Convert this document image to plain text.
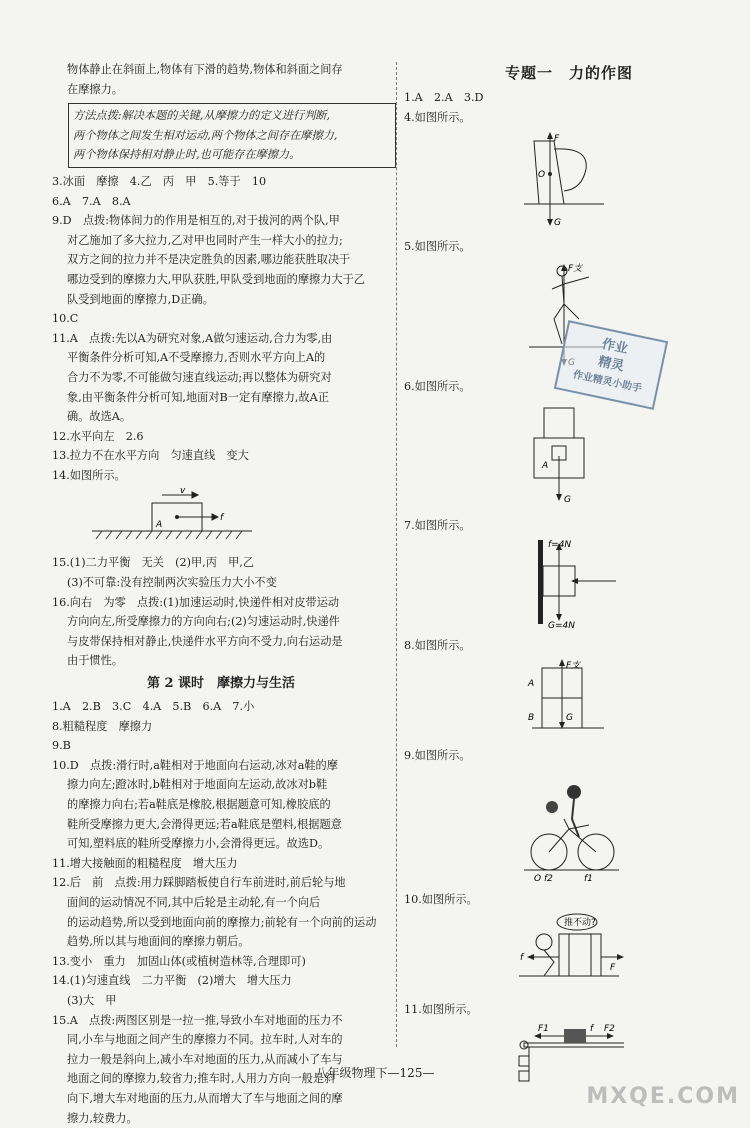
物体静止在斜面上,物体有下滑的趋势,物体和斜面之间存
在摩擦力。
方法点拨:解决本题的关键,从摩擦力的定义进行判断,
两个物体之间发生相对运动,两个物体之间存在摩擦力,
两个物体保持相对静止时,也可能存在摩擦力。
3.冰面　摩擦　4.乙　丙　甲　5.等于　10
6.A　7.A　8.A
9.D　点拨:物体间力的作用是相互的,对于拔河的两个队,甲
对乙施加了多大拉力,乙对甲也同时产生一样大小的拉力;
双方之间的拉力并不是决定胜负的因素,哪边能获胜取决于
哪边受到的摩擦力大,甲队获胜,甲队受到地面的摩擦力大于乙
队受到地面的摩擦力,D正确。
10.C
11.A　点拨:先以A为研究对象,A做匀速运动,合力为零,由
平衡条件分析可知,A不受摩擦力,否则水平方向上A的
合力不为零,不可能做匀速直线运动;再以整体为研究对
象,由平衡条件分析可知,地面对B一定有摩擦力,故A正
确。故选A。
12.水平向左　2.6
13.拉力不在水平方向　匀速直线　变大
14.如图所示。
v
A
f
15.(1)二力平衡　无关　(2)甲,丙　甲,乙
(3)不可靠:没有控制两次实验压力大小不变
16.向右　为零　点拨:(1)加速运动时,快递件相对皮带运动
方向向左,所受摩擦力的方向向右;(2)匀速运动时,快递件
与皮带保持相对静止,快递件水平方向不受力,向右运动是
由于惯性。
第 2 课时　摩擦力与生活
1.A　2.B　3.C　4.A　5.B　6.A　7.小
8.粗糙程度　摩擦力
9.B
10.D　点拨:滑行时,a鞋相对于地面向右运动,冰对a鞋的摩
擦力向左;蹬冰时,b鞋相对于地面向左运动,故冰对b鞋
的摩擦力向右;若a鞋底是橡胶,根据题意可知,橡胶底的
鞋所受摩擦力更大,会滑得更远;若a鞋底是塑料,根据题意
可知,塑料底的鞋所受摩擦力小,会滑得更远。故选D。
11.增大接触面的粗糙程度　增大压力
12.后　前　点拨:用力踩脚踏板使自行车前进时,前后轮与地
面间的运动情况不同,其中后轮是主动轮,有一个向后
的运动趋势,所以受到地面向前的摩擦力;前轮有一个向前的运动
趋势,所以其与地面间的摩擦力朝后。
13.变小　重力　加固山体(或植树造林等,合理即可)
14.(1)匀速直线　二力平衡　(2)增大　增大压力
(3)大　甲
15.A　点拨:两图区别是一拉一推,导致小车对地面的压力不
同,小车与地面之间产生的摩擦力不同。拉车时,人对车的
拉力一般是斜向上,减小车对地面的压力,从而减小了车与
地面之间的摩擦力,较省力;推车时,人用力方向一般是斜
向下,增大车对地面的压力,从而增大了车与地面之间的摩
擦力,较费力。
专题一　力的作图
1.A　2.A　3.D
4.如图所示。
F
O
G
5.如图所示。
F支
6.如图所示。
A
G
7.如图所示。
f=4N
G=4N
8.如图所示。
A
B
F支
G
9.如图所示。
O f2	f1
10.如图所示。
推不动?
f
F
11.如图所示。
F1	f F2
作业
精灵
作业精灵小助手
八年级物理下—125—
MXQE.COM
